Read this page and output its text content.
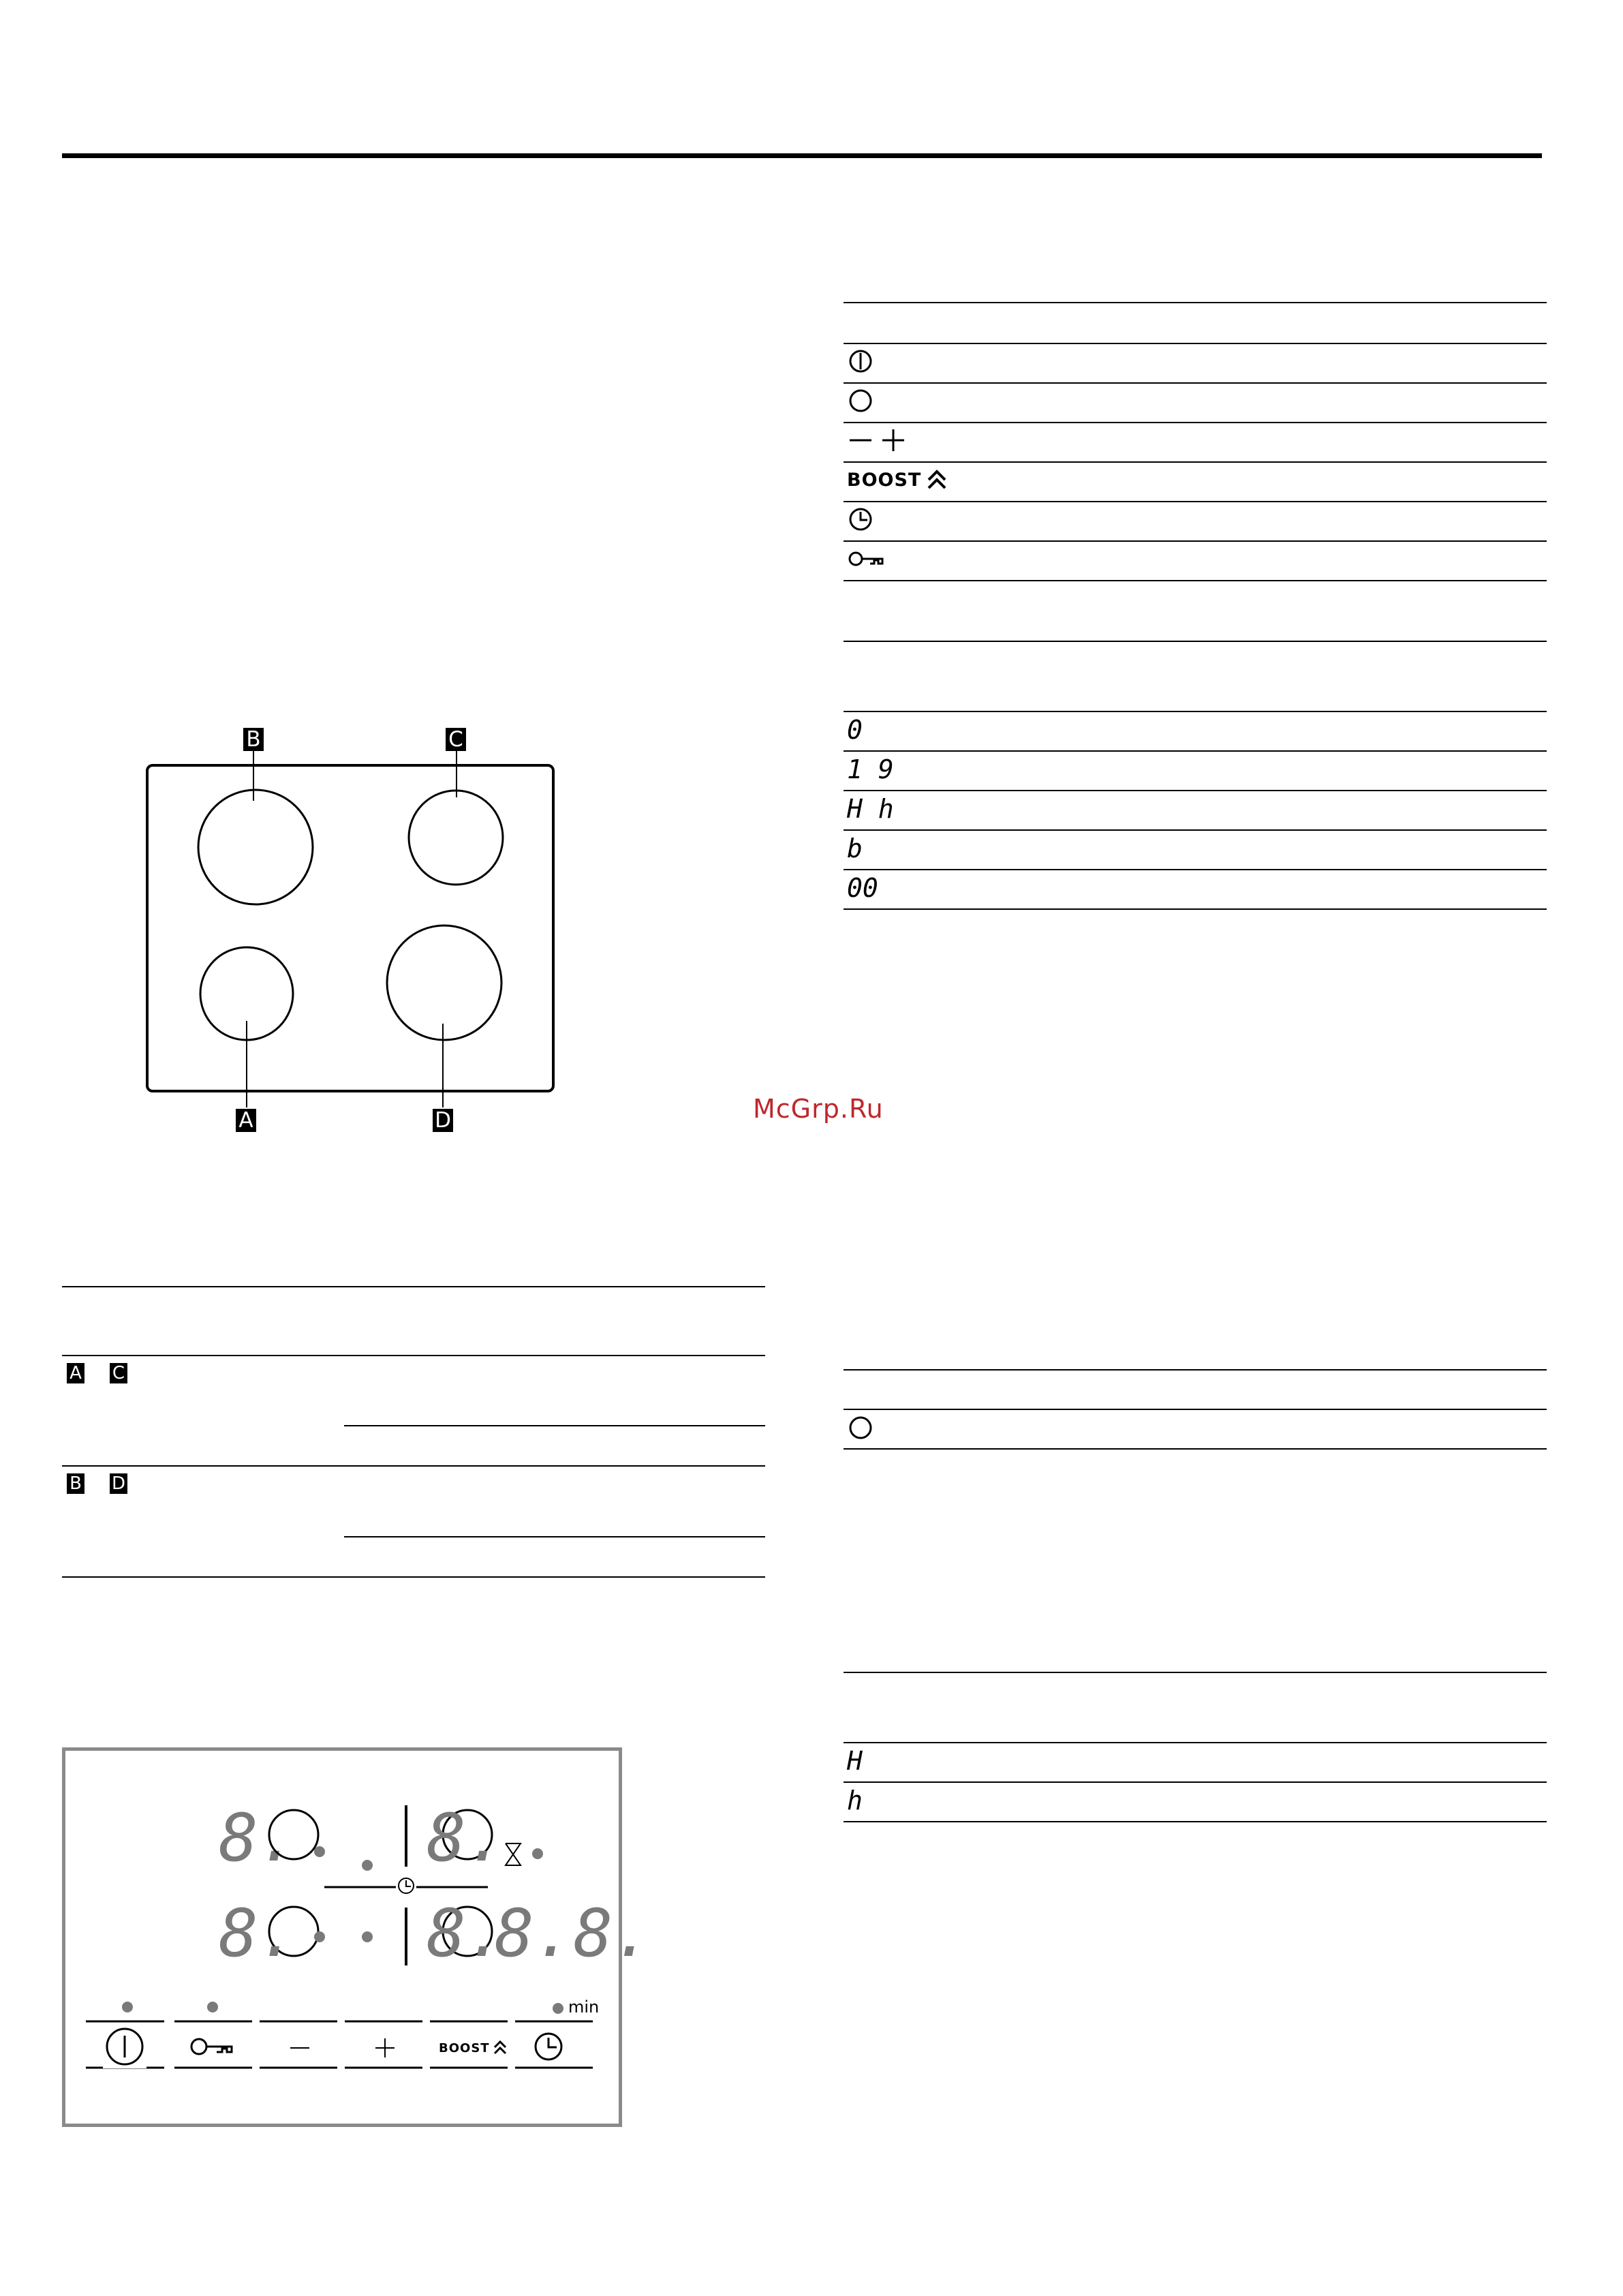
B	C
A	D	McGrp.Ru
A C
B D
BOOST
0
1 9
H h
b
00
H
h
8. 8.
8. 8.
8.8.
min
BOOST
